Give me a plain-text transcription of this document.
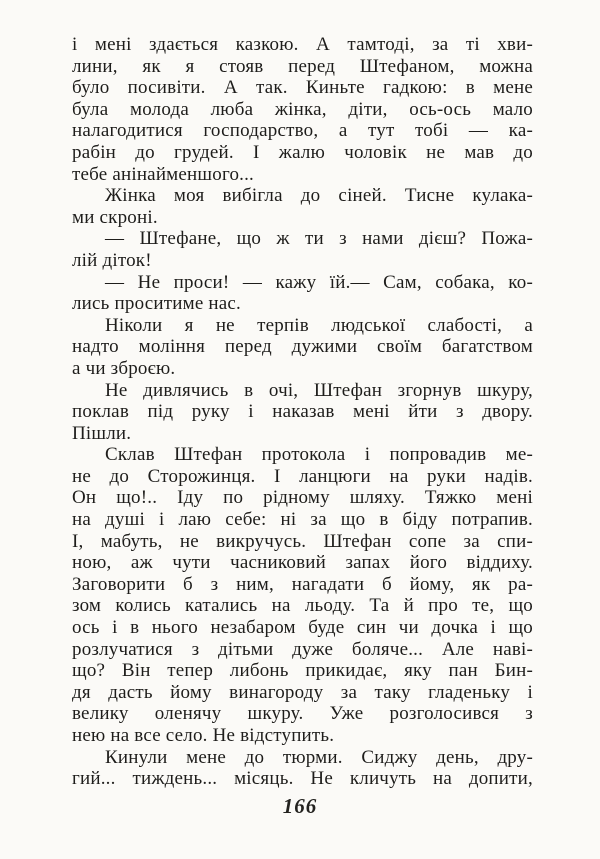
і мені здається казкою. А тамтоді, за ті хви-
лини, як я стояв перед Штефаном, можна
було посивіти. А так. Киньте гадкою: в мене
була молода люба жінка, діти, ось-ось мало
налагодитися господарство, а тут тобі — ка-
рабін до грудей. І жалю чоловік не мав до
тебе анінайменшого...
Жінка моя вибігла до сіней. Тисне кулака-
ми скроні.
— Штефане, що ж ти з нами дієш? Пожа-
лій діток!
— Не проси! — кажу їй.— Сам, собака, ко-
лись проситиме нас.
Ніколи я не терпів людської слабості, а
надто моління перед дужими своїм багатством
а чи зброєю.
Не дивлячись в очі, Штефан згорнув шкуру,
поклав під руку і наказав мені йти з двору.
Пішли.
Склав Штефан протокола і попровадив ме-
не до Сторожинця. І ланцюги на руки надів.
Он що!.. Іду по рідному шляху. Тяжко мені
на душі і лаю себе: ні за що в біду потрапив.
І, мабуть, не викручусь. Штефан сопе за спи-
ною, аж чути часниковий запах його віддиху.
Заговорити б з ним, нагадати б йому, як ра-
зом колись катались на льоду. Та й про те, що
ось і в нього незабаром буде син чи дочка і що
розлучатися з дітьми дуже боляче... Але наві-
що? Він тепер либонь прикидає, яку пан Бин-
дя дасть йому винагороду за таку гладеньку і
велику оленячу шкуру. Уже розголосився з
нею на все село. Не відступить.
Кинули мене до тюрми. Сиджу день, дру-
гий... тиждень... місяць. Не кличуть на допити,
166
